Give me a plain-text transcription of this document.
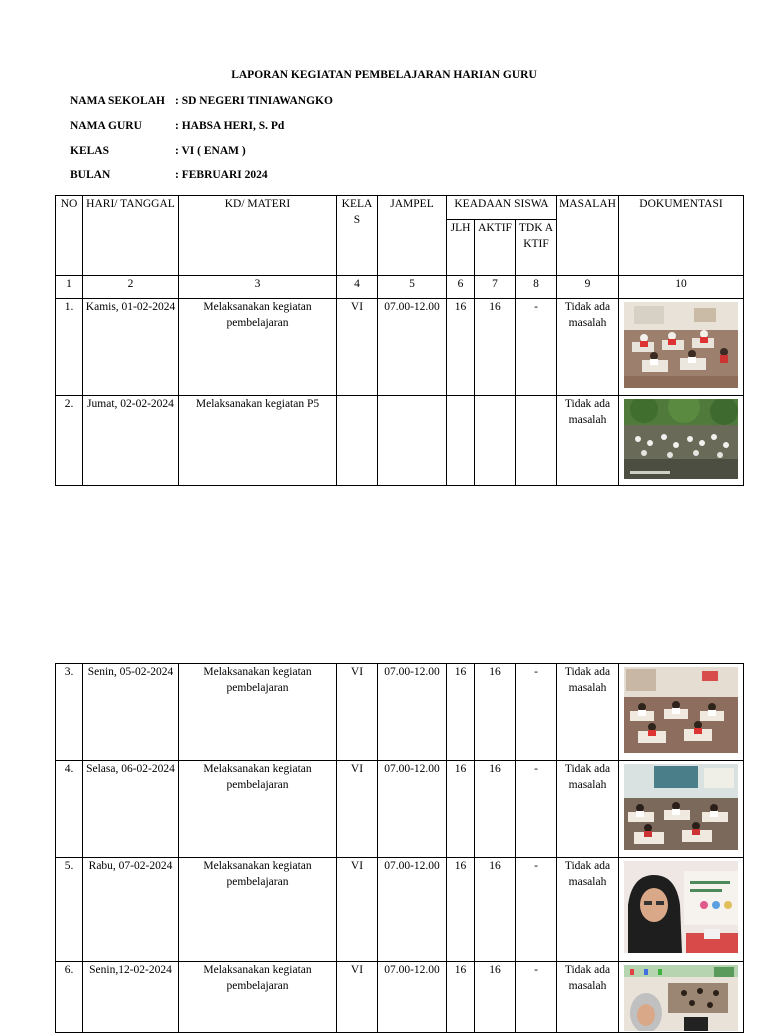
LAPORAN KEGIATAN PEMBELAJARAN HARIAN GURU
NAMA SEKOLAH : SD NEGERI TINIAWANGKO
NAMA GURU	: HABSA HERI, S. Pd
KELAS	: VI ( ENAM )
BULAN	: FEBRUARI 2024
NO	HARI/ TANGGAL	KD/ MATERI	KELAS	JAMPEL	KEADAAN SISWA			MASALAH	DOKUMENTASI
					JLH	AKTIF	TDK AKTIF		
1	2	3	4	5	6	7	8	9	10
1.	Kamis, 01-02-2024	Melaksanakan kegiatan pembelajaran	VI	07.00-12.00	16	16	-	Tidak ada masalah	

2.	Jumat, 02-02-2024	Melaksanakan kegiatan P5						Tidak ada masalah	
3.	Senin, 05-02-2024	Melaksanakan kegiatan pembelajaran	VI	07.00-12.00	16	16	-	Tidak ada masalah	

4.	Selasa, 06-02-2024	Melaksanakan kegiatan pembelajaran	VI	07.00-12.00	16	16	-	Tidak ada masalah	

5.	Rabu, 07-02-2024	Melaksanakan kegiatan pembelajaran	VI	07.00-12.00	16	16	-	Tidak ada masalah	

6.	Senin,12-02-2024	Melaksanakan kegiatan pembelajaran	VI	07.00-12.00	16	16	-	Tidak ada masalah	
